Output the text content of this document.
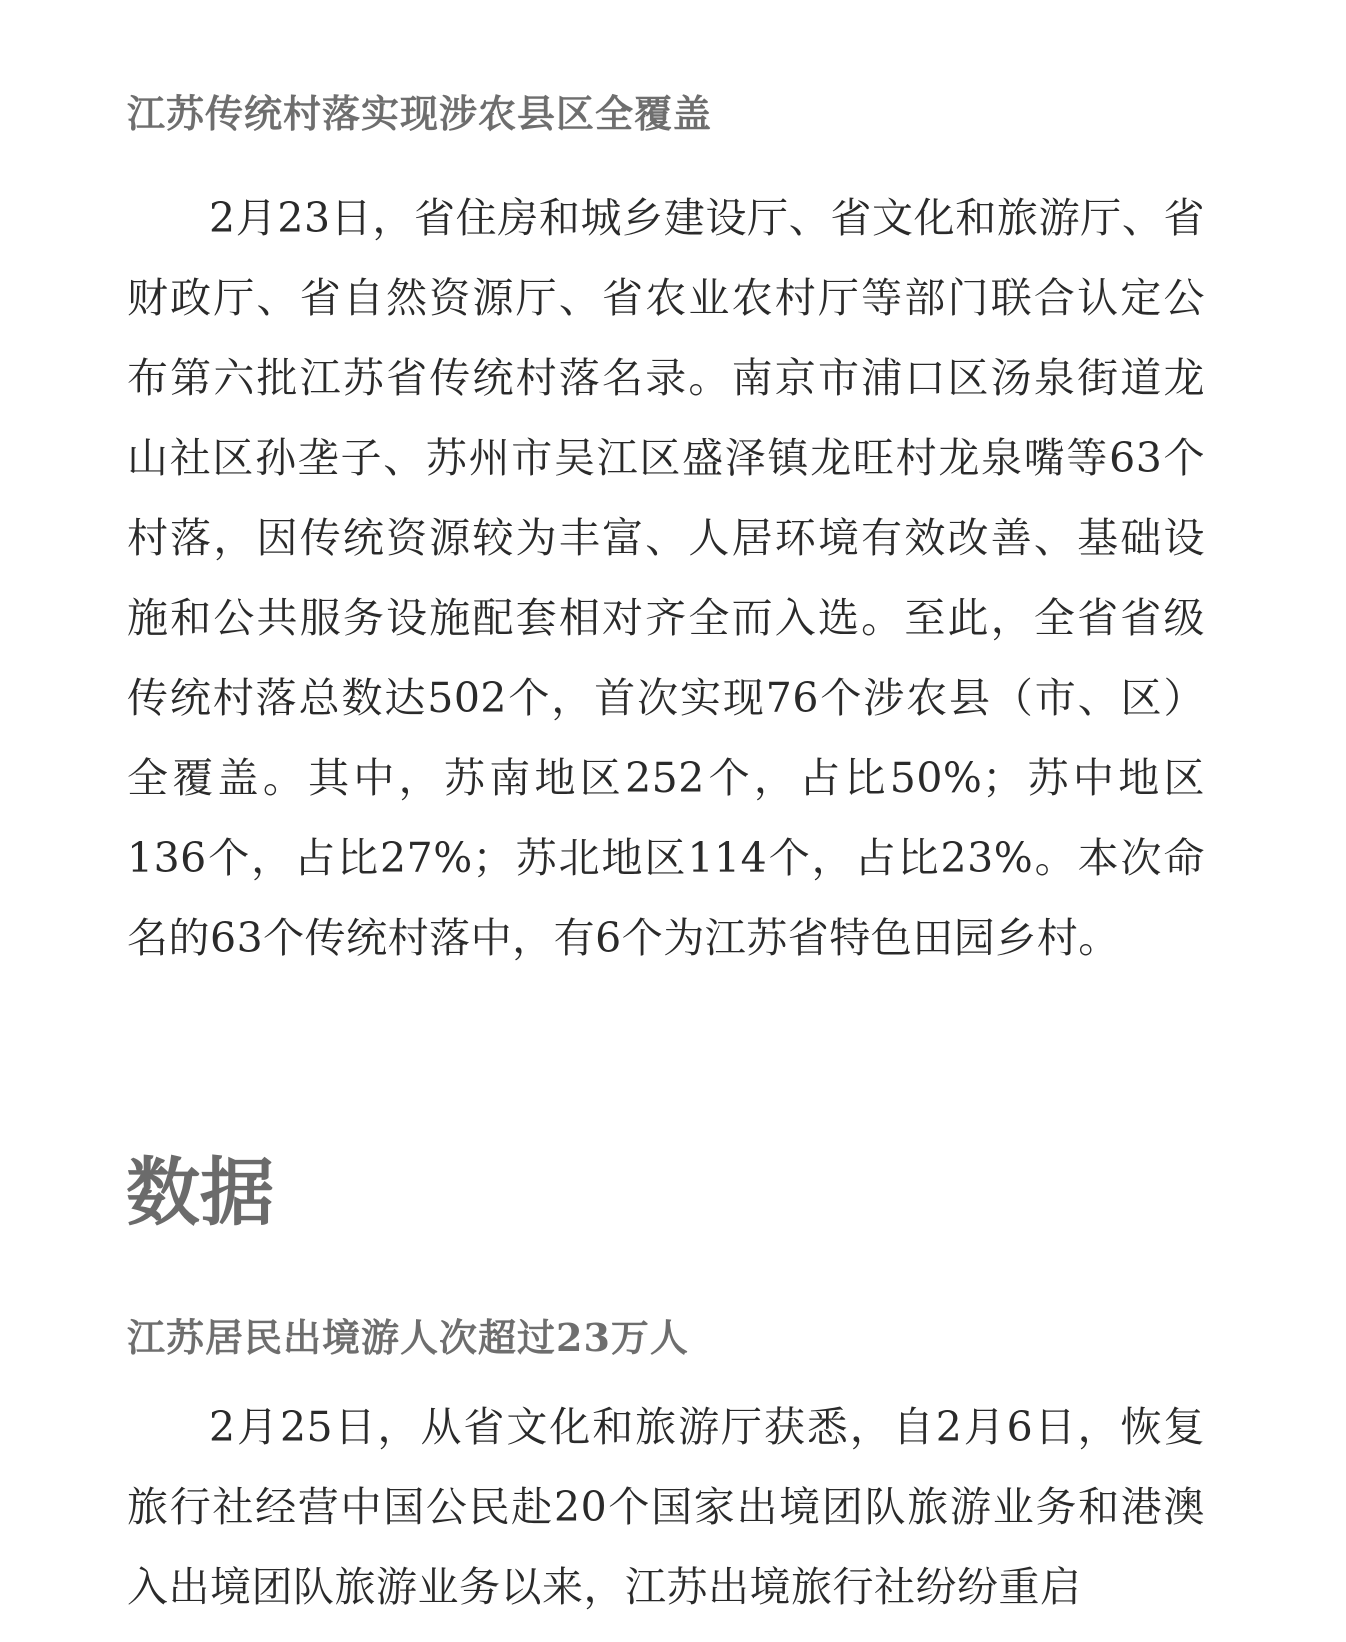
江苏传统村落实现涉农县区全覆盖
2月23日，省住房和城乡建设厅、省文化和旅游厅、省财政厅、省自然资源厅、省农业农村厅等部门联合认定公布第六批江苏省传统村落名录。南京市浦口区汤泉街道龙山社区孙垄子、苏州市吴江区盛泽镇龙旺村龙泉嘴等63个村落，因传统资源较为丰富、人居环境有效改善、基础设施和公共服务设施配套相对齐全而入选。至此，全省省级传统村落总数达502个，首次实现76个涉农县（市、区）全覆盖。其中，苏南地区252个，占比50%；苏中地区136个，占比27%；苏北地区114个，占比23%。本次命名的63个传统村落中，有6个为江苏省特色田园乡村。
数据
江苏居民出境游人次超过23万人
2月25日，从省文化和旅游厅获悉，自2月6日，恢复旅行社经营中国公民赴20个国家出境团队旅游业务和港澳入出境团队旅游业务以来，江苏出境旅行社纷纷重启
